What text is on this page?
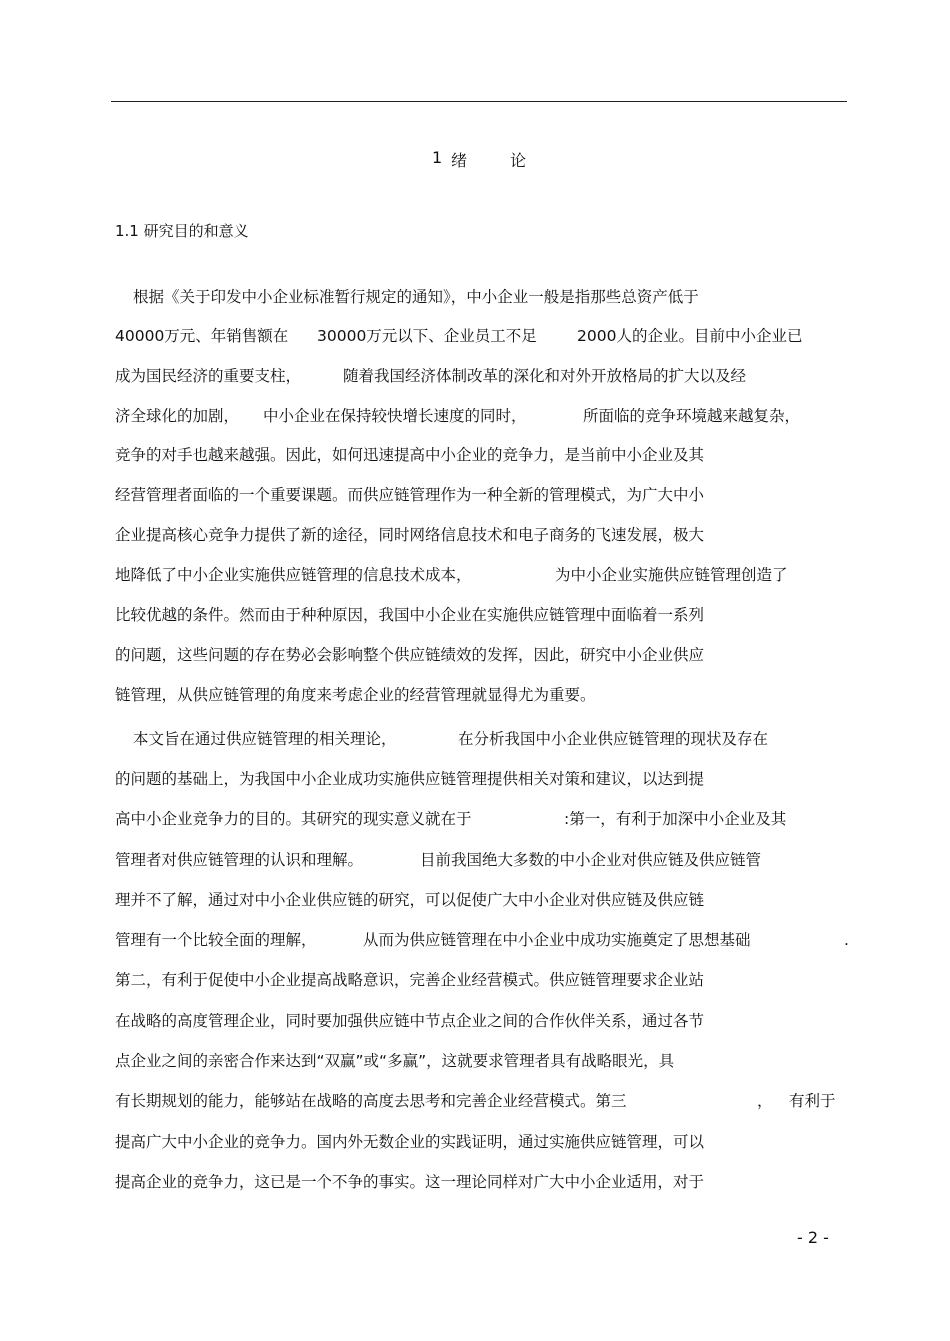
1 绪	论
1.1 研究目的和意义
根据《关于印发中小企业标准暂行规定的通知》，中小企业一般是指那些总资产低于
40000万元、年销售额在 30000万元以下、企业员工不足	2000人的企业。目前中小企业已
成为国民经济的重要支柱，	随着我国经济体制改革的深化和对外开放格局的扩大以及经
济全球化的加剧， 中小企业在保持较快增长速度的同时，	所面临的竞争环境越来越复杂，
竞争的对手也越来越强。因此，如何迅速提高中小企业的竞争力，是当前中小企业及其
经营管理者面临的一个重要课题。而供应链管理作为一种全新的管理模式，为广大中小
企业提高核心竞争力提供了新的途径，同时网络信息技术和电子商务的飞速发展，极大
地降低了中小企业实施供应链管理的信息技术成本，	为中小企业实施供应链管理创造了
比较优越的条件。然而由于种种原因，我国中小企业在实施供应链管理中面临着一系列
的问题，这些问题的存在势必会影响整个供应链绩效的发挥，因此，研究中小企业供应
链管理，从供应链管理的角度来考虑企业的经营管理就显得尤为重要。
本文旨在通过供应链管理的相关理论，	在分析我国中小企业供应链管理的现状及存在
的问题的基础上，为我国中小企业成功实施供应链管理提供相关对策和建议，以达到提
高中小企业竞争力的目的。其研究的现实意义就在于	:第一，有利于加深中小企业及其
管理者对供应链管理的认识和理解。	目前我国绝大多数的中小企业对供应链及供应链管
理并不了解，通过对中小企业供应链的研究，可以促使广大中小企业对供应链及供应链
管理有一个比较全面的理解，	从而为供应链管理在中小企业中成功实施奠定了思想基础	.
第二，有利于促使中小企业提高战略意识，完善企业经营模式。供应链管理要求企业站
在战略的高度管理企业，同时要加强供应链中节点企业之间的合作伙伴关系，通过各节
点企业之间的亲密合作来达到“双赢”或“多赢”，这就要求管理者具有战略眼光，具
有长期规划的能力，能够站在战略的高度去思考和完善企业经营模式。第三	， 有利于
提高广大中小企业的竞争力。国内外无数企业的实践证明，通过实施供应链管理，可以
提高企业的竞争力，这已是一个不争的事实。这一理论同样对广大中小企业适用，对于
- 2 -
